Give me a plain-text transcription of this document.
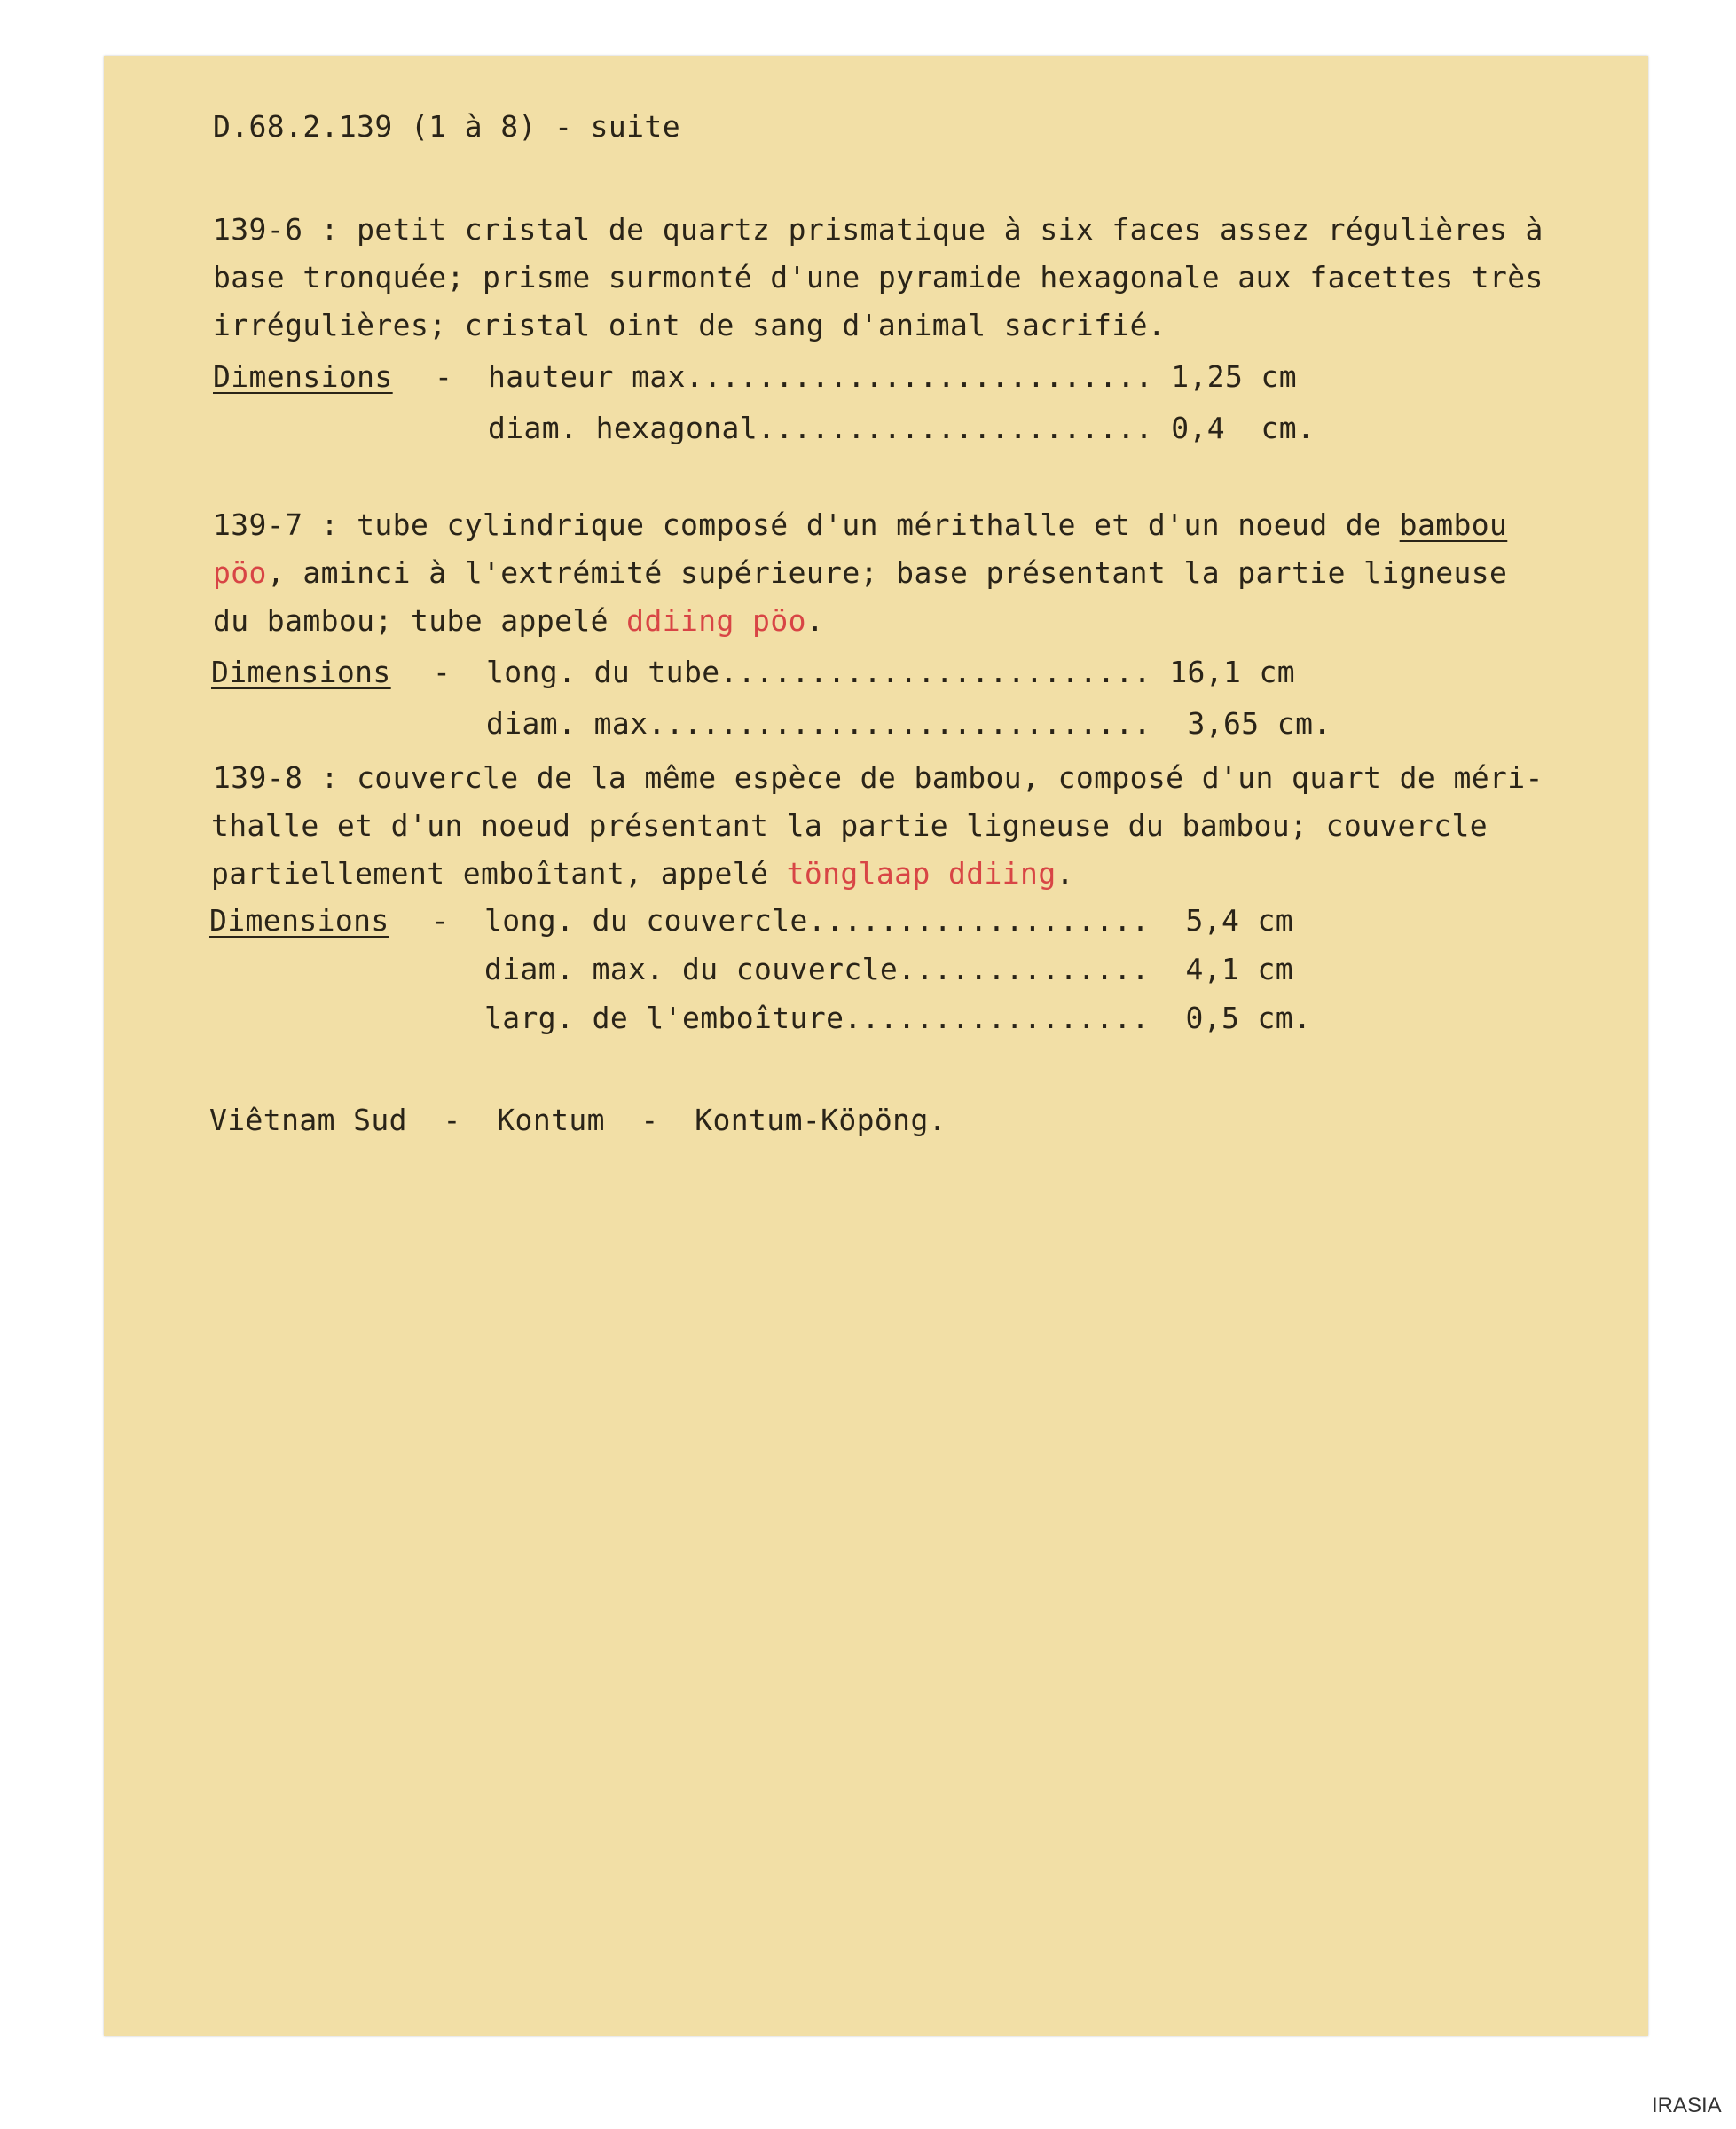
D.68.2.139 (1 à 8) - suite
139-6 : petit cristal de quartz prismatique à six faces assez régulières à
base tronquée; prisme surmonté d'une pyramide hexagonale aux facettes très
irrégulières; cristal oint de sang d'animal sacrifié.
Dimensions - hauteur max.......................... 1,25 cm
diam. hexagonal...................... 0,4  cm.
139-7 : tube cylindrique composé d'un mérithalle et d'un noeud de bambou
pöo, aminci à l'extrémité supérieure; base présentant la partie ligneuse
du bambou; tube appelé ddiing pöo.
Dimensions - long. du tube........................ 16,1 cm
diam. max............................  3,65 cm.
139-8 : couvercle de la même espèce de bambou, composé d'un quart de méri-
thalle et d'un noeud présentant la partie ligneuse du bambou; couvercle
partiellement emboîtant, appelé tönglaap ddiing.
Dimensions - long. du couvercle...................  5,4 cm
diam. max. du couvercle..............  4,1 cm
larg. de l'emboîture.................  0,5 cm.
Viêtnam Sud  -  Kontum  -  Kontum-Köpöng.
IRASIA
